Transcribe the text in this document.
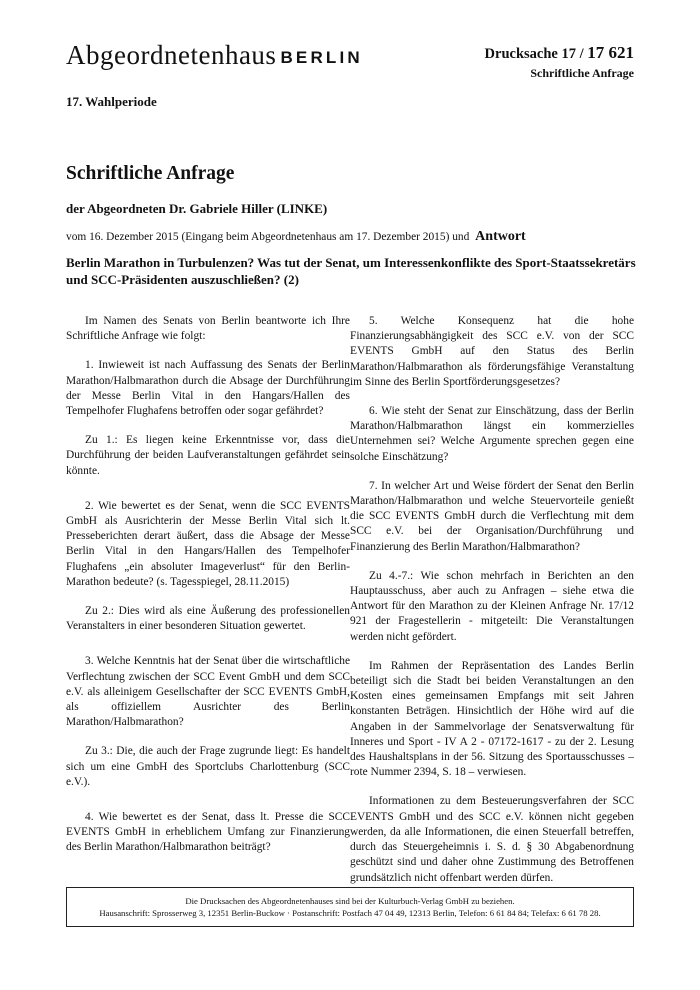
Abgeordnetenhaus BERLIN	Drucksache 17 / 17 621
Schriftliche Anfrage
17. Wahlperiode
Schriftliche Anfrage
der Abgeordneten Dr. Gabriele Hiller (LINKE)
vom 16. Dezember 2015 (Eingang beim Abgeordnetenhaus am 17. Dezember 2015) und Antwort
Berlin Marathon in Turbulenzen? Was tut der Senat, um Interessenkonflikte des Sport-Staatssekretärs und SCC-Präsidenten auszuschließen? (2)

Im Namen des Senats von Berlin beantworte ich Ihre Schriftliche Anfrage wie folgt:

1. Inwieweit ist nach Auffassung des Senats der Berlin Marathon/Halbmarathon durch die Absage der Durchführung der Messe Berlin Vital in den Hangars/Hallen des Tempelhofer Flughafens betroffen oder sogar gefährdet?

Zu 1.: Es liegen keine Erkenntnisse vor, dass die Durchführung der beiden Laufveranstaltungen gefährdet sein könnte.

2. Wie bewertet es der Senat, wenn die SCC EVENTS GmbH als Ausrichterin der Messe Berlin Vital sich lt. Presseberichten derart äußert, dass die Absage der Messe Berlin Vital in den Hangars/Hallen des Tempelhofer Flughafens „ein absoluter Imageverlust“ für den Berlin-Marathon bedeute? (s. Tagesspiegel, 28.11.2015)

Zu 2.: Dies wird als eine Äußerung des professionellen Veranstalters in einer besonderen Situation gewertet.

3. Welche Kenntnis hat der Senat über die wirtschaftliche Verflechtung zwischen der SCC Event GmbH und dem SCC e.V. als alleinigem Gesellschafter der SCC EVENTS GmbH, als offiziellem Ausrichter des Berlin Marathon/Halbmarathon?

Zu 3.: Die, die auch der Frage zugrunde liegt: Es handelt sich um eine GmbH des Sportclubs Charlottenburg (SCC e.V.).

4. Wie bewertet es der Senat, dass lt. Presse die SCC EVENTS GmbH in erheblichem Umfang zur Finanzierung des Berlin Marathon/Halbmarathon beiträgt?

5. Welche Konsequenz hat die hohe Finanzierungsabhängigkeit des SCC e.V. von der SCC EVENTS GmbH auf den Status des Berlin Marathon/Halbmarathon als förderungsfähige Veranstaltung im Sinne des Berlin Sportförderungsgesetzes?

6. Wie steht der Senat zur Einschätzung, dass der Berlin Marathon/Halbmarathon längst ein kommerzielles Unternehmen sei? Welche Argumente sprechen gegen eine solche Einschätzung?

7. In welcher Art und Weise fördert der Senat den Berlin Marathon/Halbmarathon und welche Steuervorteile genießt die SCC EVENTS GmbH durch die Verflechtung mit dem SCC e.V. bei der Organisation/Durchführung und Finanzierung des Berlin Marathon/Halbmarathon?

Zu 4.-7.: Wie schon mehrfach in Berichten an den Hauptausschuss, aber auch zu Anfragen – siehe etwa die Antwort für den Marathon zu der Kleinen Anfrage Nr. 17/12 921 der Fragestellerin - mitgeteilt: Die Veranstaltungen werden nicht gefördert.

Im Rahmen der Repräsentation des Landes Berlin beteiligt sich die Stadt bei beiden Veranstaltungen an den Kosten eines gemeinsamen Empfangs mit seit Jahren konstanten Beträgen. Hinsichtlich der Höhe wird auf die Angaben in der Sammelvorlage der Senatsverwaltung für Inneres und Sport - IV A 2 - 07172-1617 - zu der 2. Lesung des Haushaltsplans in der 56. Sitzung des Sportausschusses – rote Nummer 2394, S. 18 – verwiesen.

Informationen zu dem Besteuerungsverfahren der SCC EVENTS GmbH und des SCC e.V. können nicht gegeben werden, da alle Informationen, die einen Steuerfall betreffen, durch das Steuergeheimnis i. S. d. § 30 Abgabenordnung geschützt sind und daher ohne Zustimmung des Betroffenen grundsätzlich nicht offenbart werden dürfen.

Die Drucksachen des Abgeordnetenhauses sind bei der Kulturbuch-Verlag GmbH zu beziehen.
Hausanschrift: Sprosserweg 3, 12351 Berlin-Buckow · Postanschrift: Postfach 47 04 49, 12313 Berlin, Telefon: 6 61 84 84; Telefax: 6 61 78 28.
